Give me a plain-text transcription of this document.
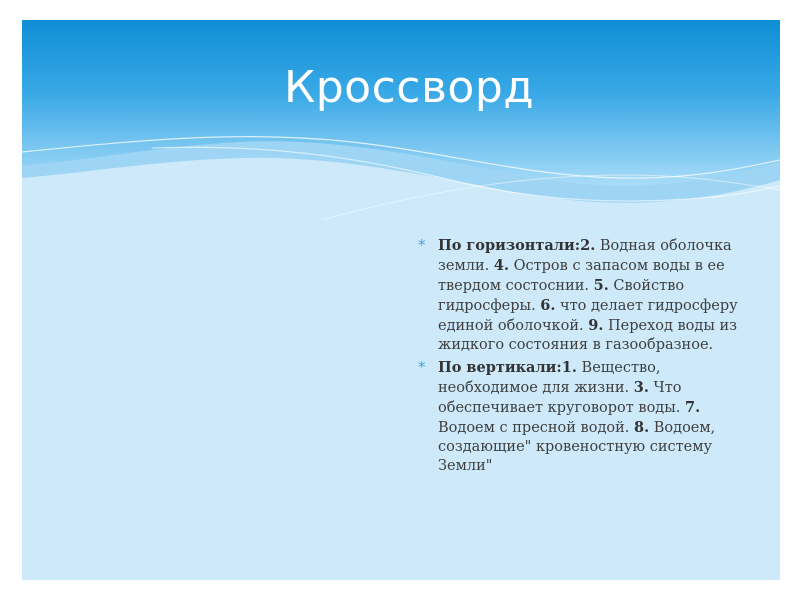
Кроссворд
* По горизонтали:2. Водная оболочка земли. 4. Остров с запасом воды в ее твердом состоснии. 5. Свойство гидросферы. 6. что делает гидросферу единой оболочкой. 9. Переход воды из жидкого состояния в газообразное.
* По вертикали:1. Вещество, необходимое для жизни. 3. Что обеспечивает круговорот воды. 7. Водоем с пресной водой. 8. Водоем, создающие" кровеностную систему Земли"
